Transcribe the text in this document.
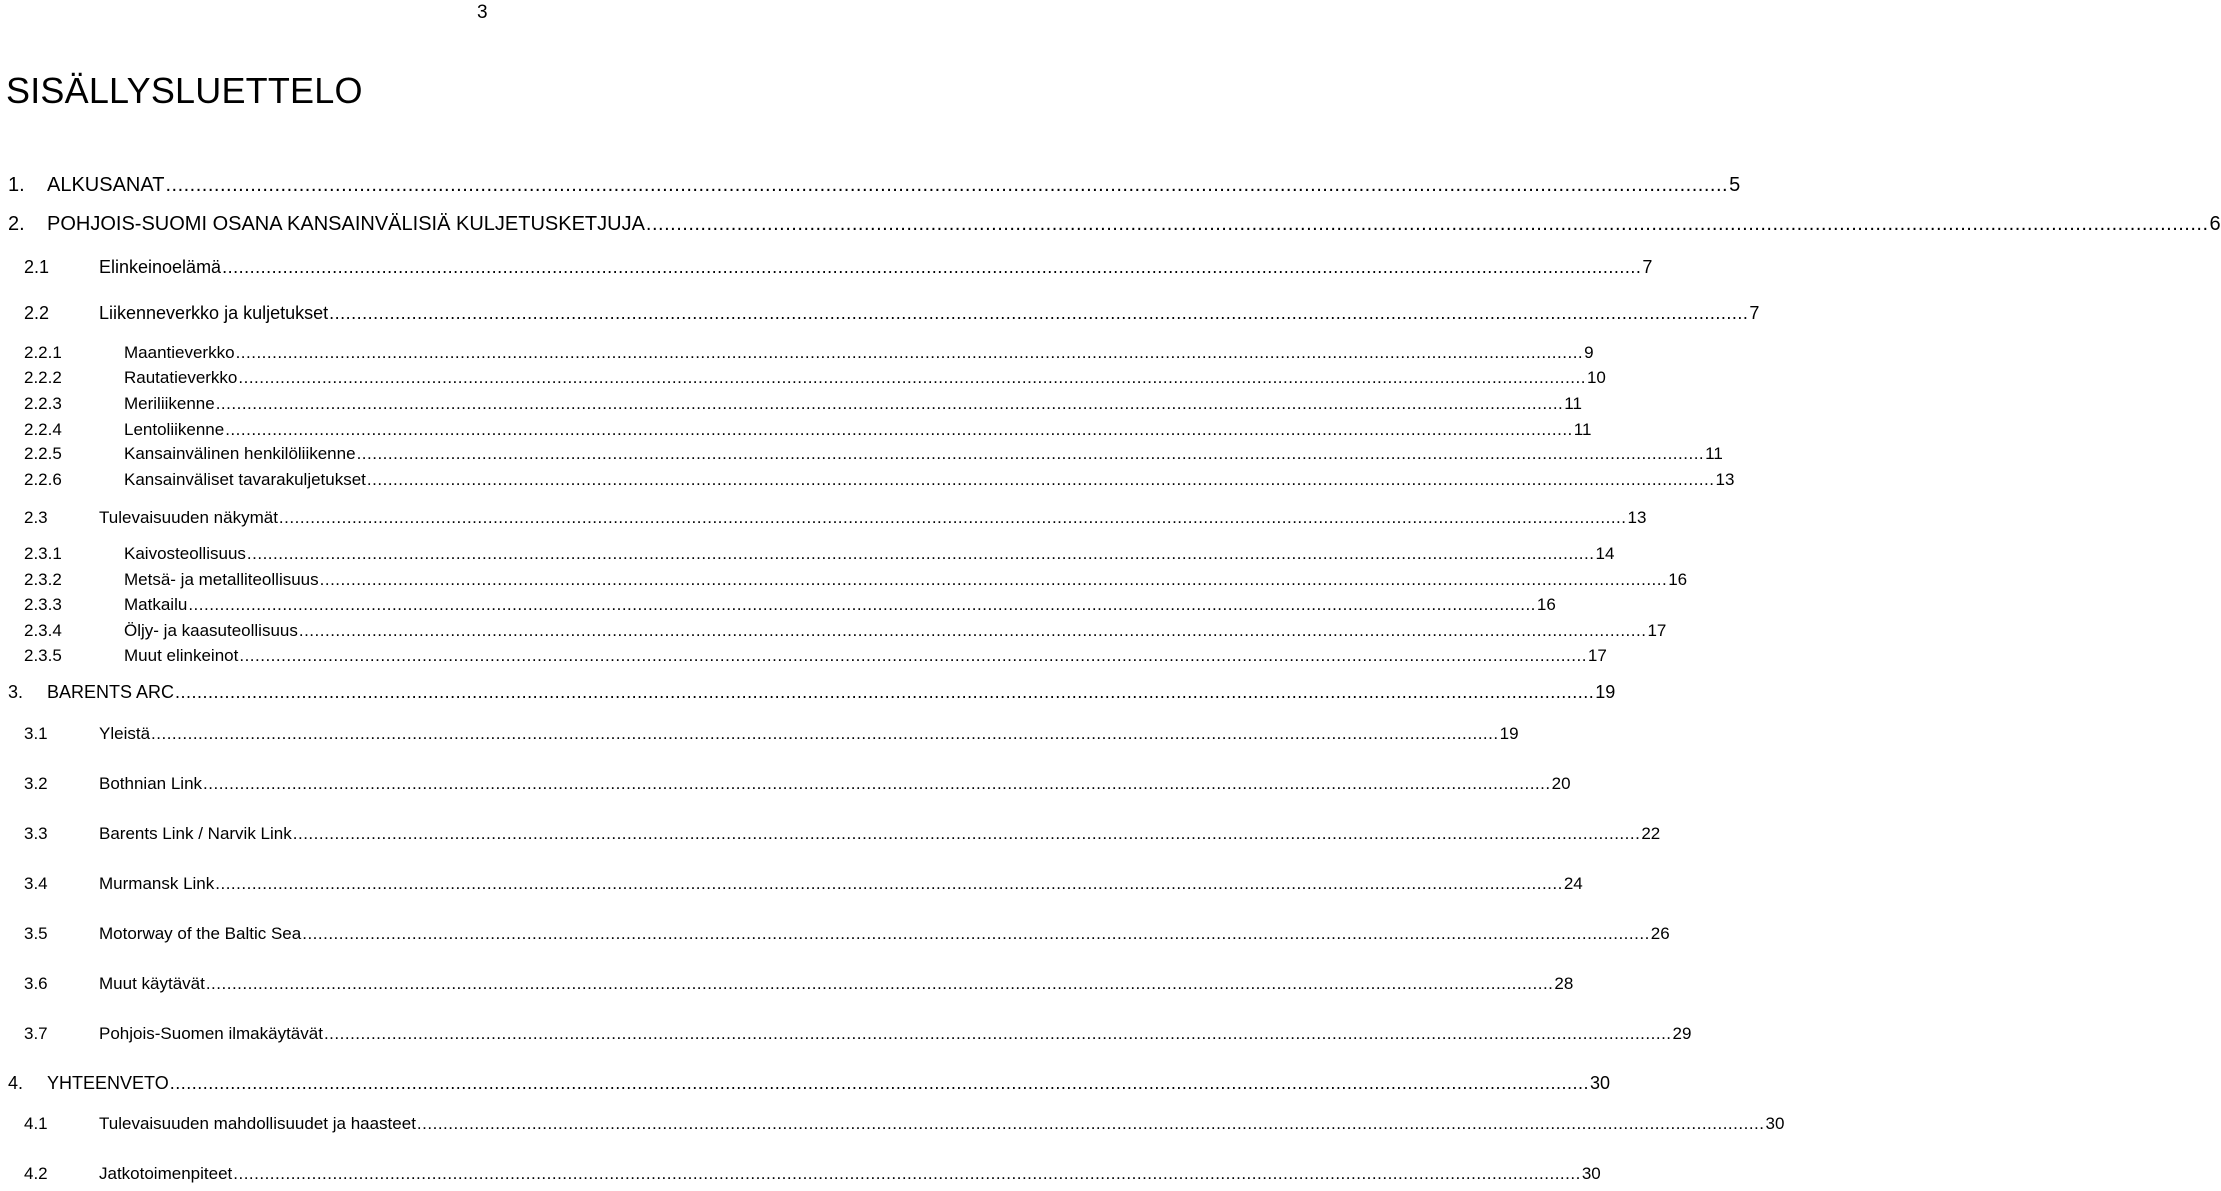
3
SISÄLLYSLUETTELO
1. ALKUSANAT .................................................................................................................................................................................................................................................................. 5
2. POHJOIS-SUOMI OSANA KANSAINVÄLISIÄ KULJETUSKETJUJA .................................................................................................................................................................................................................................................................. 6
2.1	Elinkeinoelämä .................................................................................................................................................................................................................................................................. 7
2.2	Liikenneverkko ja kuljetukset .................................................................................................................................................................................................................................................................. 7
2.2.1	Maantieverkko .................................................................................................................................................................................................................................................................. 9
2.2.2	Rautatieverkko .................................................................................................................................................................................................................................................................. 10
2.2.3	Meriliikenne .................................................................................................................................................................................................................................................................. 11
2.2.4	Lentoliikenne .................................................................................................................................................................................................................................................................. 11
2.2.5	Kansainvälinen henkilöliikenne .................................................................................................................................................................................................................................................................. 11
2.2.6	Kansainväliset tavarakuljetukset .................................................................................................................................................................................................................................................................. 13
2.3	Tulevaisuuden näkymät .................................................................................................................................................................................................................................................................. 13
2.3.1	Kaivosteollisuus .................................................................................................................................................................................................................................................................. 14
2.3.2	Metsä- ja metalliteollisuus .................................................................................................................................................................................................................................................................. 16
2.3.3	Matkailu .................................................................................................................................................................................................................................................................. 16
2.3.4	Öljy- ja kaasuteollisuus .................................................................................................................................................................................................................................................................. 17
2.3.5	Muut elinkeinot .................................................................................................................................................................................................................................................................. 17
3. BARENTS ARC .................................................................................................................................................................................................................................................................. 19
3.1	Yleistä .................................................................................................................................................................................................................................................................. 19
3.2	Bothnian Link .................................................................................................................................................................................................................................................................. 20
3.3	Barents Link / Narvik Link .................................................................................................................................................................................................................................................................. 22
3.4	Murmansk Link .................................................................................................................................................................................................................................................................. 24
3.5	Motorway of the Baltic Sea .................................................................................................................................................................................................................................................................. 26
3.6	Muut käytävät .................................................................................................................................................................................................................................................................. 28
3.7	Pohjois-Suomen ilmakäytävät .................................................................................................................................................................................................................................................................. 29
4. YHTEENVETO .................................................................................................................................................................................................................................................................. 30
4.1	Tulevaisuuden mahdollisuudet ja haasteet .................................................................................................................................................................................................................................................................. 30
4.2	Jatkotoimenpiteet .................................................................................................................................................................................................................................................................. 30
